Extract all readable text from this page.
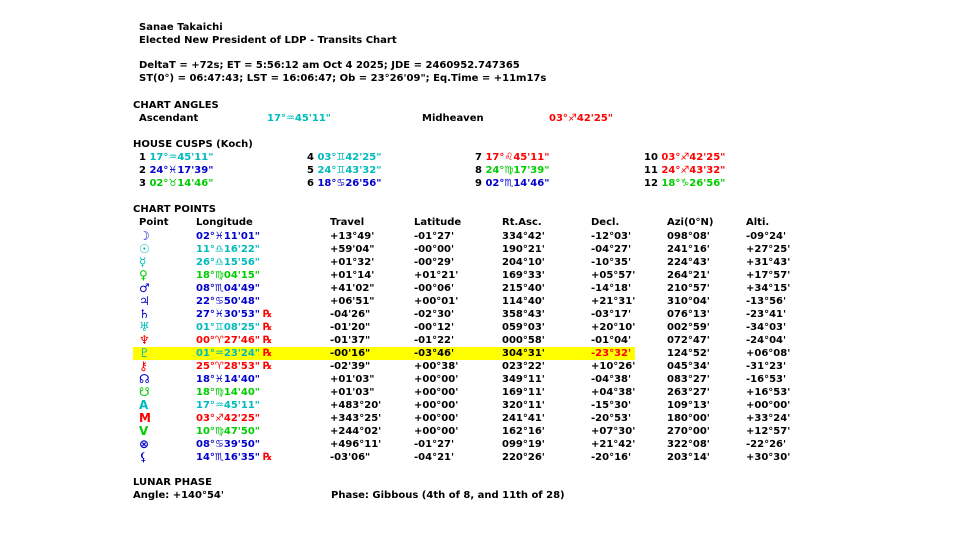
Sanae Takaichi
Elected New President of LDP - Transits Chart
DeltaT = +72s; ET = 5:56:12 am Oct 4 2025; JDE = 2460952.747365
ST(0°) = 06:47:43; LST = 16:06:47; Ob = 23°26'09"; Eq.Time = +11m17s
CHART ANGLES
Ascendant	17°♒︎45'11"	Midheaven	03°♐︎42'25"
HOUSE CUSPS (Koch)
1 17°♒︎45'11"
2 24°♓︎17'39"
3 02°♉︎14'46"
4 03°♊︎42'25"
5 24°♊︎43'32"
6 18°♋︎26'56"
7 17°♌︎45'11"
8 24°♍︎17'39"
9 02°♏︎14'46"
10 03°♐︎42'25"
11 24°♐︎43'32"
12 18°♑︎26'56"
CHART POINTS
Point	Longitude	Travel	Latitude	Rt.Asc.	Decl.	Azi(0°N)	Alti.
☽	02°♓︎11'01"	+13°49'	-01°27'	334°42'	-12°03'	098°08'	-09°24'
☉	11°♎︎16'22"	+59'04"	-00°00'	190°21'	-04°27'	241°16'	+27°25'
☿	26°♎︎15'56"	+01°32'	-00°29'	204°10'	-10°35'	224°43'	+31°43'
♀	18°♍︎04'15"	+01°14'	+01°21'	169°33'	+05°57'	264°21'	+17°57'
♂	08°♏︎04'49"	+41'02"	-00°06'	215°40'	-14°18'	210°57'	+34°15'
♃	22°♋︎50'48"	+06'51"	+00°01'	114°40'	+21°31'	310°04'	-13°56'
♄	27°♓︎30'53" ℞	-04'26"	-02°30'	358°43'	-03°17'	076°13'	-23°41'
♅	01°♊︎08'25" ℞	-01'20"	-00°12'	059°03'	+20°10'	002°59'	-34°03'
♆	00°♈︎27'46" ℞	-01'37"	-01°22'	000°58'	-01°04'	072°47'	-24°04'
♇	01°♒︎23'24" ℞	-00'16"	-03°46'	304°31'	-23°32'	124°52'	+06°08'
⚷	25°♈︎28'53" ℞	-02'39"	+00°38'	023°22'	+10°26'	045°34'	-31°23'
☊	18°♓︎14'40"	+01'03"	+00°00'	349°11'	-04°38'	083°27'	-16°53'
☋	18°♍︎14'40"	+01'03"	+00°00'	169°11'	+04°38'	263°27'	+16°53'
A	17°♒︎45'11"	+483°20'	+00°00'	320°11'	-15°30'	109°13'	+00°00'
M	03°♐︎42'25"	+343°25'	+00°00'	241°41'	-20°53'	180°00'	+33°24'
V	10°♍︎47'50"	+244°02'	+00°00'	162°16'	+07°30'	270°00'	+12°57'
⊗	08°♋︎39'50"	+496°11'	-01°27'	099°19'	+21°42'	322°08'	-22°26'
⚸	14°♏︎16'35" ℞	-03'06"	-04°21'	220°26'	-20°16'	203°14'	+30°30'
LUNAR PHASE
Angle: +140°54'	Phase: Gibbous (4th of 8, and 11th of 28)
